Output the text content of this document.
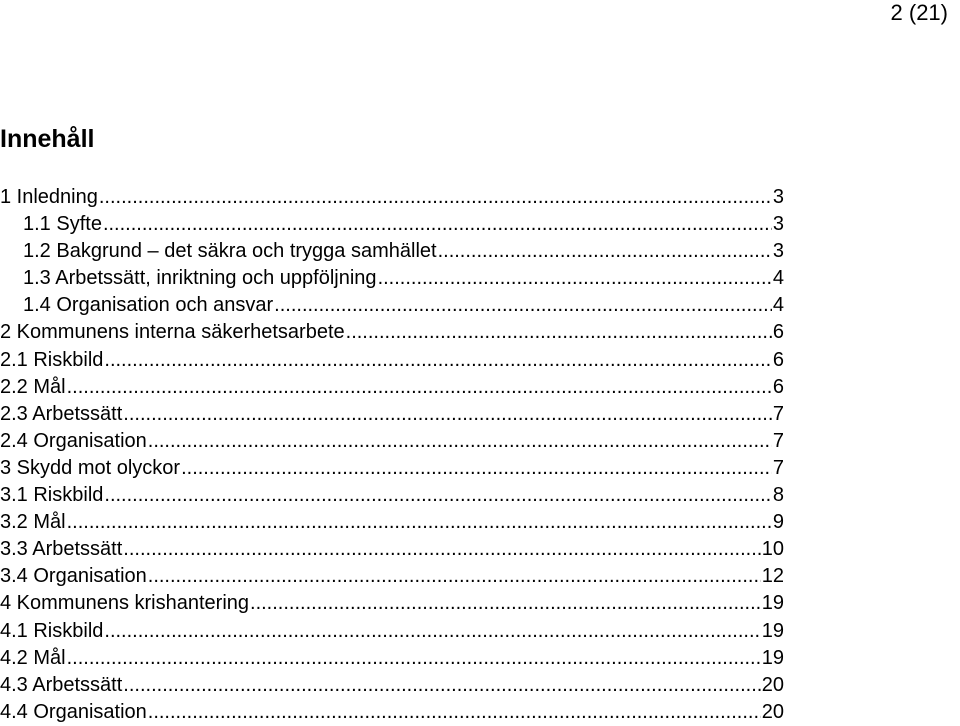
2 (21)
Innehåll
1 Inledning .....	3
1.1 Syfte .....	3
1.2 Bakgrund – det säkra och trygga samhället .....	3
1.3 Arbetssätt, inriktning och uppföljning .....	4
1.4 Organisation och ansvar .....	4
2 Kommunens interna säkerhetsarbete .....	6
2.1 Riskbild .....	6
2.2 Mål .....	6
2.3 Arbetssätt .....	7
2.4 Organisation .....	7
3 Skydd mot olyckor .....	7
3.1 Riskbild .....	8
3.2 Mål .....	9
3.3 Arbetssätt .....	10
3.4 Organisation .....	12
4 Kommunens krishantering .....	19
4.1 Riskbild .....	19
4.2 Mål .....	19
4.3 Arbetssätt .....	20
4.4 Organisation .....	20
